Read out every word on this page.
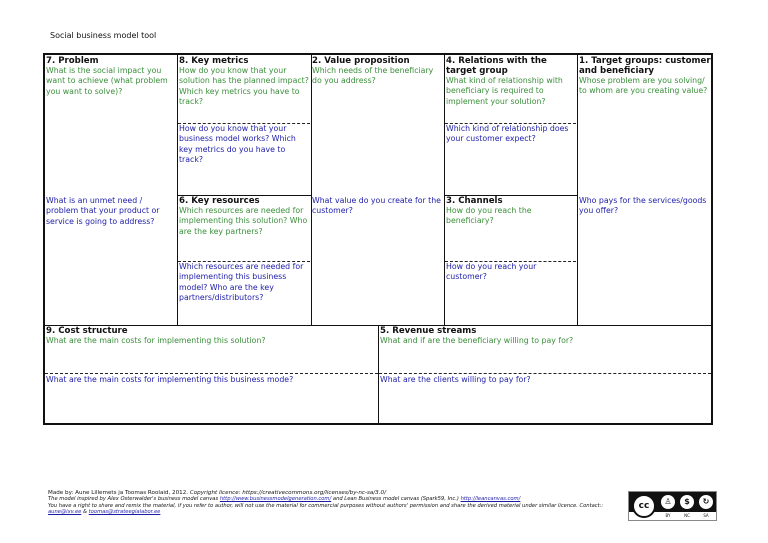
Social business model tool
7. Problem
What is the social impact you want to achieve (what problem you want to solve)?
What is an unmet need / problem that your product or service is going to address?
8. Key metrics
How do you know that your solution has the planned impact? Which key metrics you have to track?
How do you know that your business model works? Which key metrics do you have to track?
6. Key resources
Which resources are needed for implementing this solution? Who are the key partners?
Which resources are needed for implementing this business model? Who are the key partners/distributors?
2. Value proposition
Which needs of the beneficiary do you address?
What value do you create for the customer?
4. Relations with the target group
What kind of relationship with beneficiary is required to implement your solution?
Which kind of relationship does your customer expect?
3. Channels
How do you reach the beneficiary?
How do you reach your customer?
1. Target groups: customer and beneficiary
Whose problem are you solving/ to whom are you creating value?
Who pays for the services/goods you offer?
9. Cost structure
What are the main costs for implementing this solution?
What are the main costs for implementing this business mode?
5. Revenue streams
What and if are the beneficiary willing to pay for?
What are the clients willing to pay for?
Made by: Aune Lillemets ja Toomas Roolaid, 2012. Copyright licence: https://creativecommons.org/licenses/by-nc-sa/3.0/
The model inspired by Alex Osterwalder's business model canvas http://www.businessmodelgeneration.com/ and Lean Business model canvas (Spark59, Inc.) http://leancanvas.com/
You have a right to share and remix the material, if you refer to author, will not use the material for commercial purposes without authors' permission and share the derived material under similar licence. Contact:: aune@ixv.ee & toomas@strateegialabor.ee
cc	♙	$	↻
BY	NC	SA
